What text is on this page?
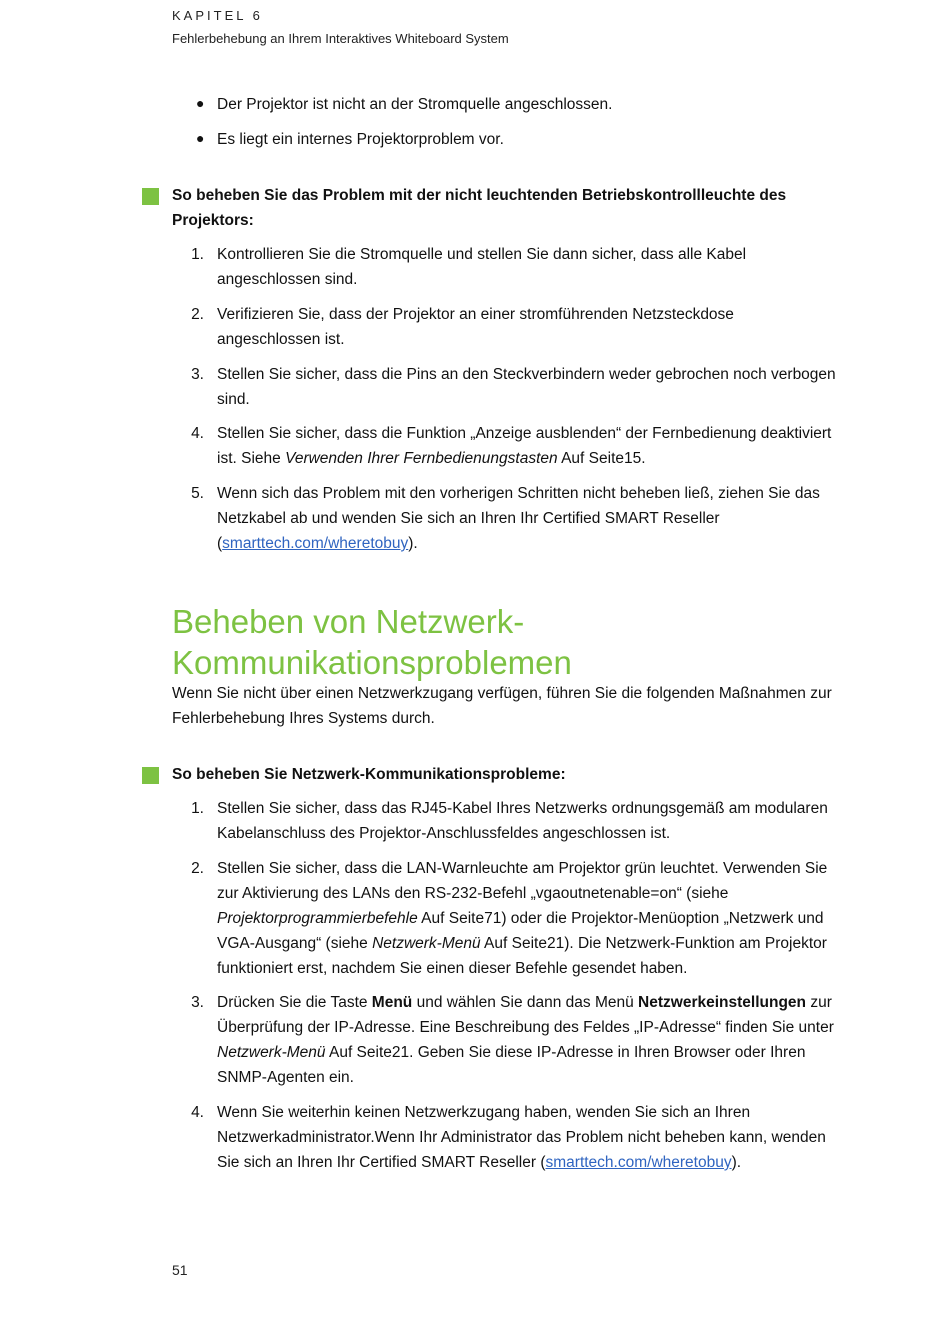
KAPITEL 6
Fehlerbehebung an Ihrem Interaktives Whiteboard System
● Der Projektor ist nicht an der Stromquelle angeschlossen.
● Es liegt ein internes Projektorproblem vor.
So beheben Sie das Problem mit der nicht leuchtenden Betriebskontrollleuchte des
Projektors:
1. Kontrollieren Sie die Stromquelle und stellen Sie dann sicher, dass alle Kabel
angeschlossen sind.
2. Verifizieren Sie, dass der Projektor an einer stromführenden Netzsteckdose
angeschlossen ist.
3. Stellen Sie sicher, dass die Pins an den Steckverbindern weder gebrochen noch verbogen
sind.
4. Stellen Sie sicher, dass die Funktion „Anzeige ausblenden“ der Fernbedienung deaktiviert
ist. Siehe Verwenden Ihrer Fernbedienungstasten Auf Seite15.
5. Wenn sich das Problem mit den vorherigen Schritten nicht beheben ließ, ziehen Sie das
Netzkabel ab und wenden Sie sich an Ihren Ihr Certified SMART Reseller
(smarttech.com/wheretobuy).
Beheben von Netzwerk-
Kommunikationsproblemen
Wenn Sie nicht über einen Netzwerkzugang verfügen, führen Sie die folgenden Maßnahmen zur
Fehlerbehebung Ihres Systems durch.
So beheben Sie Netzwerk-Kommunikationsprobleme:
1. Stellen Sie sicher, dass das RJ45-Kabel Ihres Netzwerks ordnungsgemäß am modularen
Kabelanschluss des Projektor-Anschlussfeldes angeschlossen ist.
2. Stellen Sie sicher, dass die LAN-Warnleuchte am Projektor grün leuchtet. Verwenden Sie
zur Aktivierung des LANs den RS-232-Befehl „vgaoutnetenable=on“ (siehe
Projektorprogrammierbefehle Auf Seite71) oder die Projektor-Menüoption „Netzwerk und
VGA-Ausgang“ (siehe Netzwerk-Menü Auf Seite21). Die Netzwerk-Funktion am Projektor
funktioniert erst, nachdem Sie einen dieser Befehle gesendet haben.
3. Drücken Sie die Taste Menü und wählen Sie dann das Menü Netzwerkeinstellungen zur
Überprüfung der IP-Adresse. Eine Beschreibung des Feldes „IP-Adresse“ finden Sie unter
Netzwerk-Menü Auf Seite21. Geben Sie diese IP-Adresse in Ihren Browser oder Ihren
SNMP-Agenten ein.
4. Wenn Sie weiterhin keinen Netzwerkzugang haben, wenden Sie sich an Ihren
Netzwerkadministrator.Wenn Ihr Administrator das Problem nicht beheben kann, wenden
Sie sich an Ihren Ihr Certified SMART Reseller (smarttech.com/wheretobuy).
51
